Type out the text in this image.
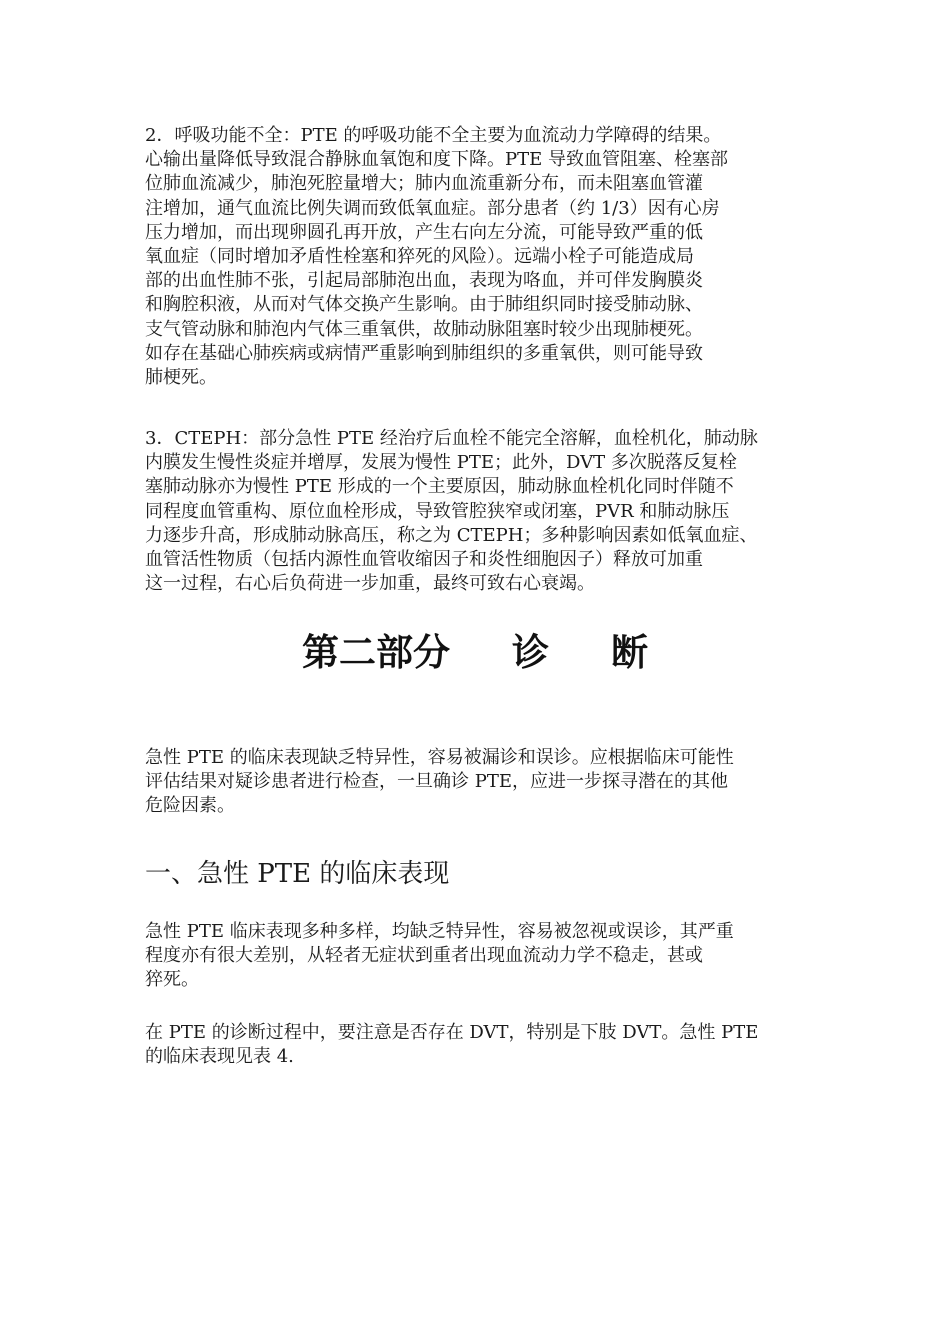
2．呼吸功能不全：PTE 的呼吸功能不全主要为血流动力学障碍的结果。
心输出量降低导致混合静脉血氧饱和度下降。PTE 导致血管阻塞、栓塞部
位肺血流减少，肺泡死腔量增大；肺内血流重新分布，而未阻塞血管灌
注增加，通气血流比例失调而致低氧血症。部分患者（约 1/3）因有心房
压力增加，而出现卵圆孔再开放，产生右向左分流，可能导致严重的低
氧血症（同时增加矛盾性栓塞和猝死的风险）。远端小栓子可能造成局
部的出血性肺不张，引起局部肺泡出血，表现为咯血，并可伴发胸膜炎
和胸腔积液，从而对气体交换产生影响。由于肺组织同时接受肺动脉、
支气管动脉和肺泡内气体三重氧供，故肺动脉阻塞时较少出现肺梗死。
如存在基础心肺疾病或病情严重影响到肺组织的多重氧供，则可能导致
肺梗死。

3．CTEPH：部分急性 PTE 经治疗后血栓不能完全溶解，血栓机化，肺动脉
内膜发生慢性炎症并增厚，发展为慢性 PTE；此外，DVT 多次脱落反复栓
塞肺动脉亦为慢性 PTE 形成的一个主要原因，肺动脉血栓机化同时伴随不
同程度血管重构、原位血栓形成，导致管腔狭窄或闭塞，PVR 和肺动脉压
力逐步升高，形成肺动脉高压，称之为 CTEPH；多种影响因素如低氧血症、
血管活性物质（包括内源性血管收缩因子和炎性细胞因子）释放可加重
这一过程，右心后负荷进一步加重，最终可致右心衰竭。

第二部分 诊 断

急性 PTE 的临床表现缺乏特异性，容易被漏诊和误诊。应根据临床可能性
评估结果对疑诊患者进行检查，一旦确诊 PTE，应进一步探寻潜在的其他
危险因素。

一、急性 PTE 的临床表现

急性 PTE 临床表现多种多样，均缺乏特异性，容易被忽视或误诊，其严重
程度亦有很大差别，从轻者无症状到重者出现血流动力学不稳走，甚或
猝死。

在 PTE 的诊断过程中，要注意是否存在 DVT，特别是下肢 DVT。急性 PTE
的临床表现见表 4.
